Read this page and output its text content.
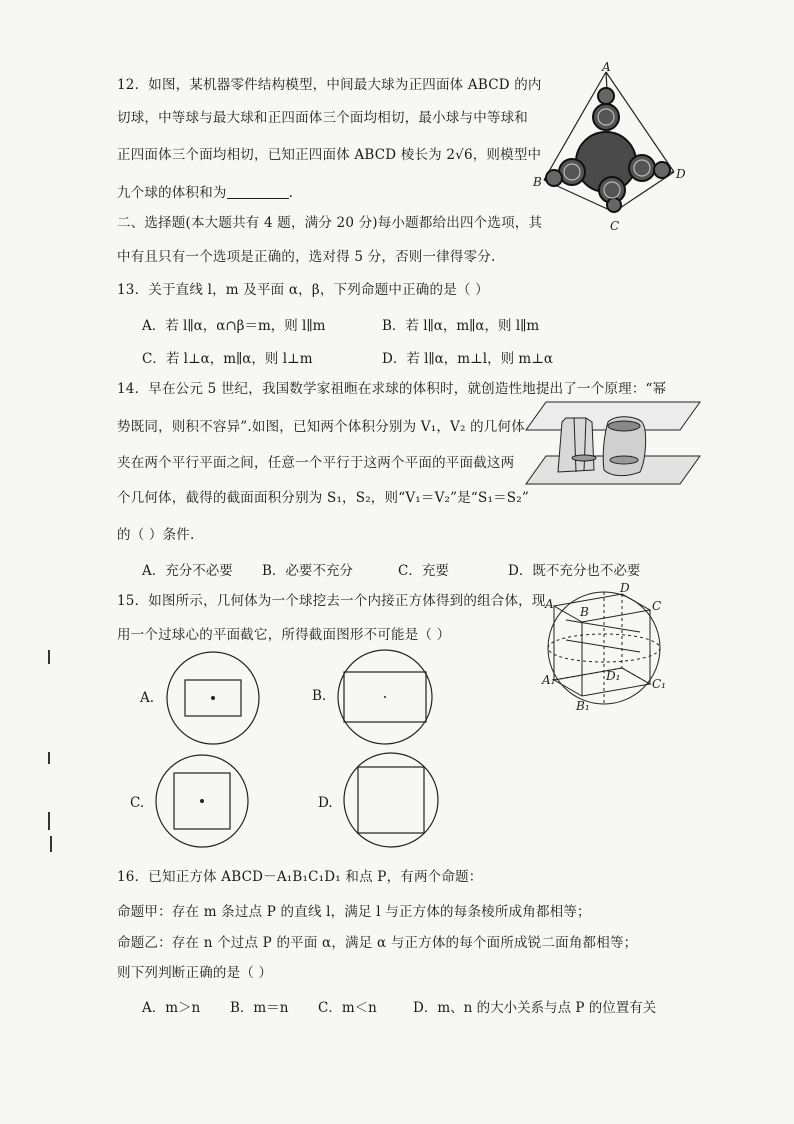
12．如图，某机器零件结构模型，中间最大球为正四面体 ABCD 的内
切球，中等球与最大球和正四面体三个面均相切，最小球与中等球和
正四面体三个面均相切，已知正四面体 ABCD 棱长为 2√6，则模型中
九个球的体积和为	.
A
B
C
D
二、选择题(本大题共有 4 题，满分 20 分)每小题都给出四个选项，其
中有且只有一个选项是正确的，选对得 5 分，否则一律得零分.
13．关于直线 l，m 及平面 α，β，下列命题中正确的是（ ）
A．若 l∥α，α∩β＝m，则 l∥m	B．若 l∥α，m∥α，则 l∥m
C．若 l⊥α，m∥α，则 l⊥m	D．若 l∥α，m⊥l，则 m⊥α
14．早在公元 5 世纪，我国数学家祖暅在求球的体积时，就创造性地提出了一个原理：“幂
势既同，则积不容异”.如图，已知两个体积分别为 V₁，V₂ 的几何体
夹在两个平行平面之间，任意一个平行于这两个平面的平面截这两
个几何体，截得的截面面积分别为 S₁，S₂，则“V₁＝V₂”是“S₁＝S₂”
的（ ）条件.
A．充分不必要 B．必要不充分	C．充要	D．既不充分也不必要
15．如图所示，几何体为一个球挖去一个内接正方体得到的组合体，现
用一个过球心的平面截它，所得截面图形不可能是（ ）
A
B	C
D
A₁
B₁
C₁
D₁
A.	B.
C.	D.
16．已知正方体 ABCD－A₁B₁C₁D₁ 和点 P，有两个命题：
命题甲：存在 m 条过点 P 的直线 l，满足 l 与正方体的每条棱所成角都相等；
命题乙：存在 n 个过点 P 的平面 α，满足 α 与正方体的每个面所成锐二面角都相等；
则下列判断正确的是（ ）
A．m＞n B．m＝n C．m＜n	D．m、n 的大小关系与点 P 的位置有关
